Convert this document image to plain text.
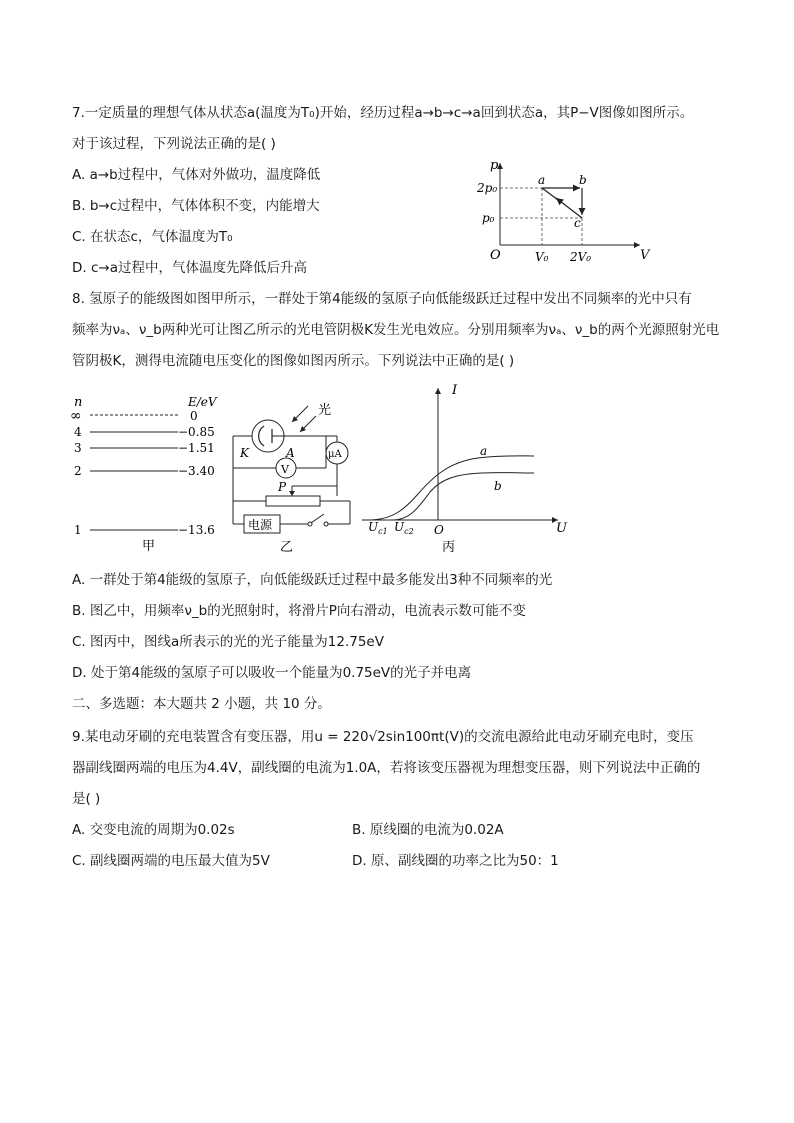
7.一定质量的理想气体从状态a(温度为T₀)开始，经历过程a→b→c→a回到状态a，其P−V图像如图所示。
对于该过程，下列说法正确的是( )
A. a→b过程中，气体对外做功，温度降低
B. b→c过程中，气体体积不变，内能增大
C. 在状态c，气体温度为T₀
D. c→a过程中，气体温度先降低后升高
p
V
O
2p₀
p₀
V₀ 2V₀
a	b
c
8. 氢原子的能级图如图甲所示，一群处于第4能级的氢原子向低能级跃迁过程中发出不同频率的光中只有
频率为νₐ、ν_b两种光可让图乙所示的光电管阴极K发生光电效应。分别用频率为νₐ、ν_b的两个光源照射光电
管阴极K，测得电流随电压变化的图像如图丙所示。下列说法中正确的是( )
n	E/eV
∞	0
4	−0.85
3	−1.51
2	−3.40
1	−13.6
甲
光
μA
V
P
K	A
电源
乙
I
U
O
$U_{c1}$ $U_{c2}$
a
b
丙
A. 一群处于第4能级的氢原子，向低能级跃迁过程中最多能发出3种不同频率的光
B. 图乙中，用频率ν_b的光照射时，将滑片P向右滑动，电流表示数可能不变
C. 图丙中，图线a所表示的光的光子能量为12.75eV
D. 处于第4能级的氢原子可以吸收一个能量为0.75eV的光子并电离
二、多选题：本大题共 2 小题，共 10 分。
9.某电动牙刷的充电装置含有变压器，用u = 220√2sin100πt(V)的交流电源给此电动牙刷充电时，变压
器副线圈两端的电压为4.4V，副线圈的电流为1.0A，若将该变压器视为理想变压器，则下列说法中正确的
是( )
A. 交变电流的周期为0.02s	B. 原线圈的电流为0.02A
C. 副线圈两端的电压最大值为5V	D. 原、副线圈的功率之比为50：1
